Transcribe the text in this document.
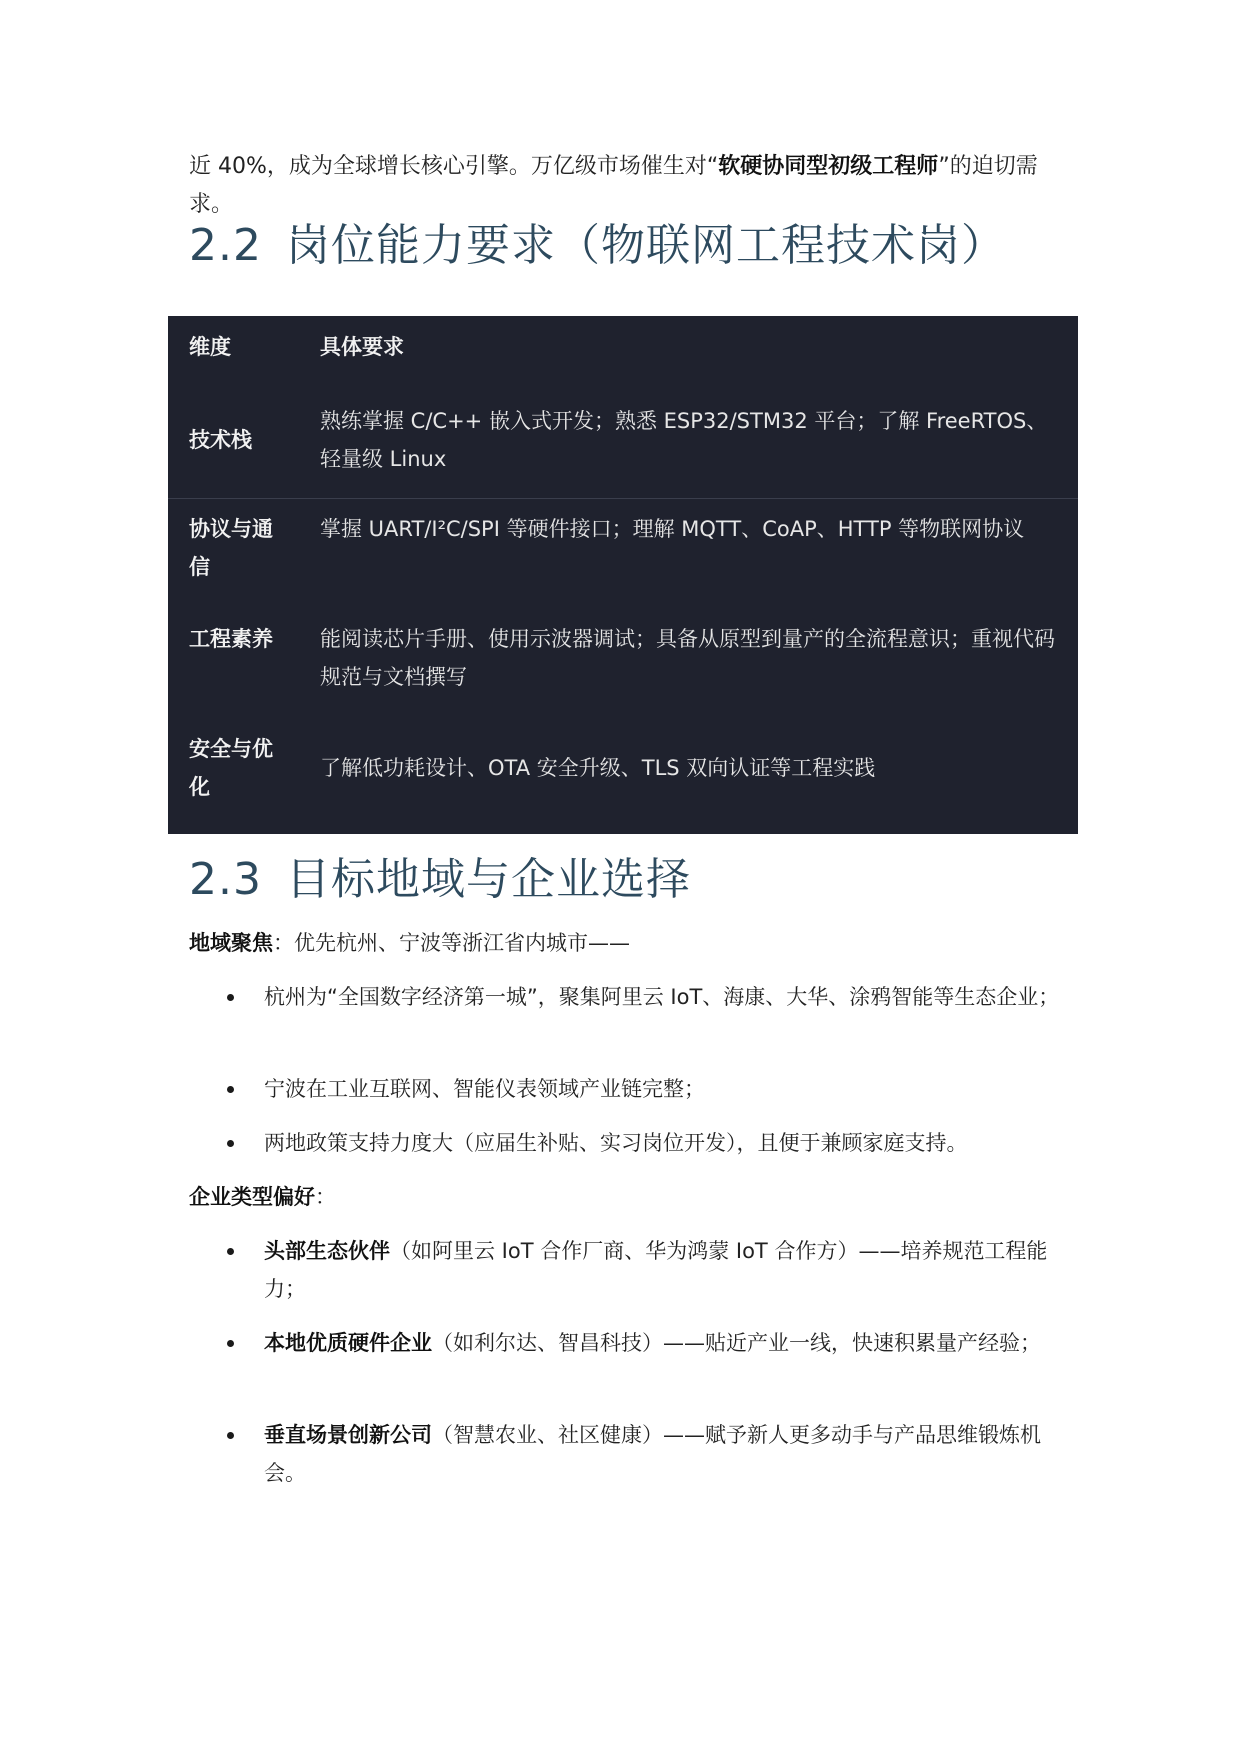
近 40%，成为全球增长核心引擎。万亿级市场催生对“软硬协同型初级工程师”的迫切需求。
2.2 岗位能力要求（物联网工程技术岗）
维度	具体要求
技术栈
熟练掌握 C/C++ 嵌入式开发；熟悉 ESP32/STM32 平台；了解 FreeRTOS、轻量级 Linux
协议与通信
掌握 UART/I²C/SPI 等硬件接口；理解 MQTT、CoAP、HTTP 等物联网协议
工程素养	能阅读芯片手册、使用示波器调试；具备从原型到量产的全流程意识；重视代码规范与文档撰写
安全与优化
了解低功耗设计、OTA 安全升级、TLS 双向认证等工程实践
2.3 目标地域与企业选择
地域聚焦：优先杭州、宁波等浙江省内城市——
杭州为“全国数字经济第一城”，聚集阿里云 IoT、海康、大华、涂鸦智能等生态企业；
宁波在工业互联网、智能仪表领域产业链完整；
两地政策支持力度大（应届生补贴、实习岗位开发），且便于兼顾家庭支持。
企业类型偏好：
头部生态伙伴（如阿里云 IoT 合作厂商、华为鸿蒙 IoT 合作方）——培养规范工程能力；
本地优质硬件企业（如利尔达、智昌科技）——贴近产业一线，快速积累量产经验；
垂直场景创新公司（智慧农业、社区健康）——赋予新人更多动手与产品思维锻炼机会。
